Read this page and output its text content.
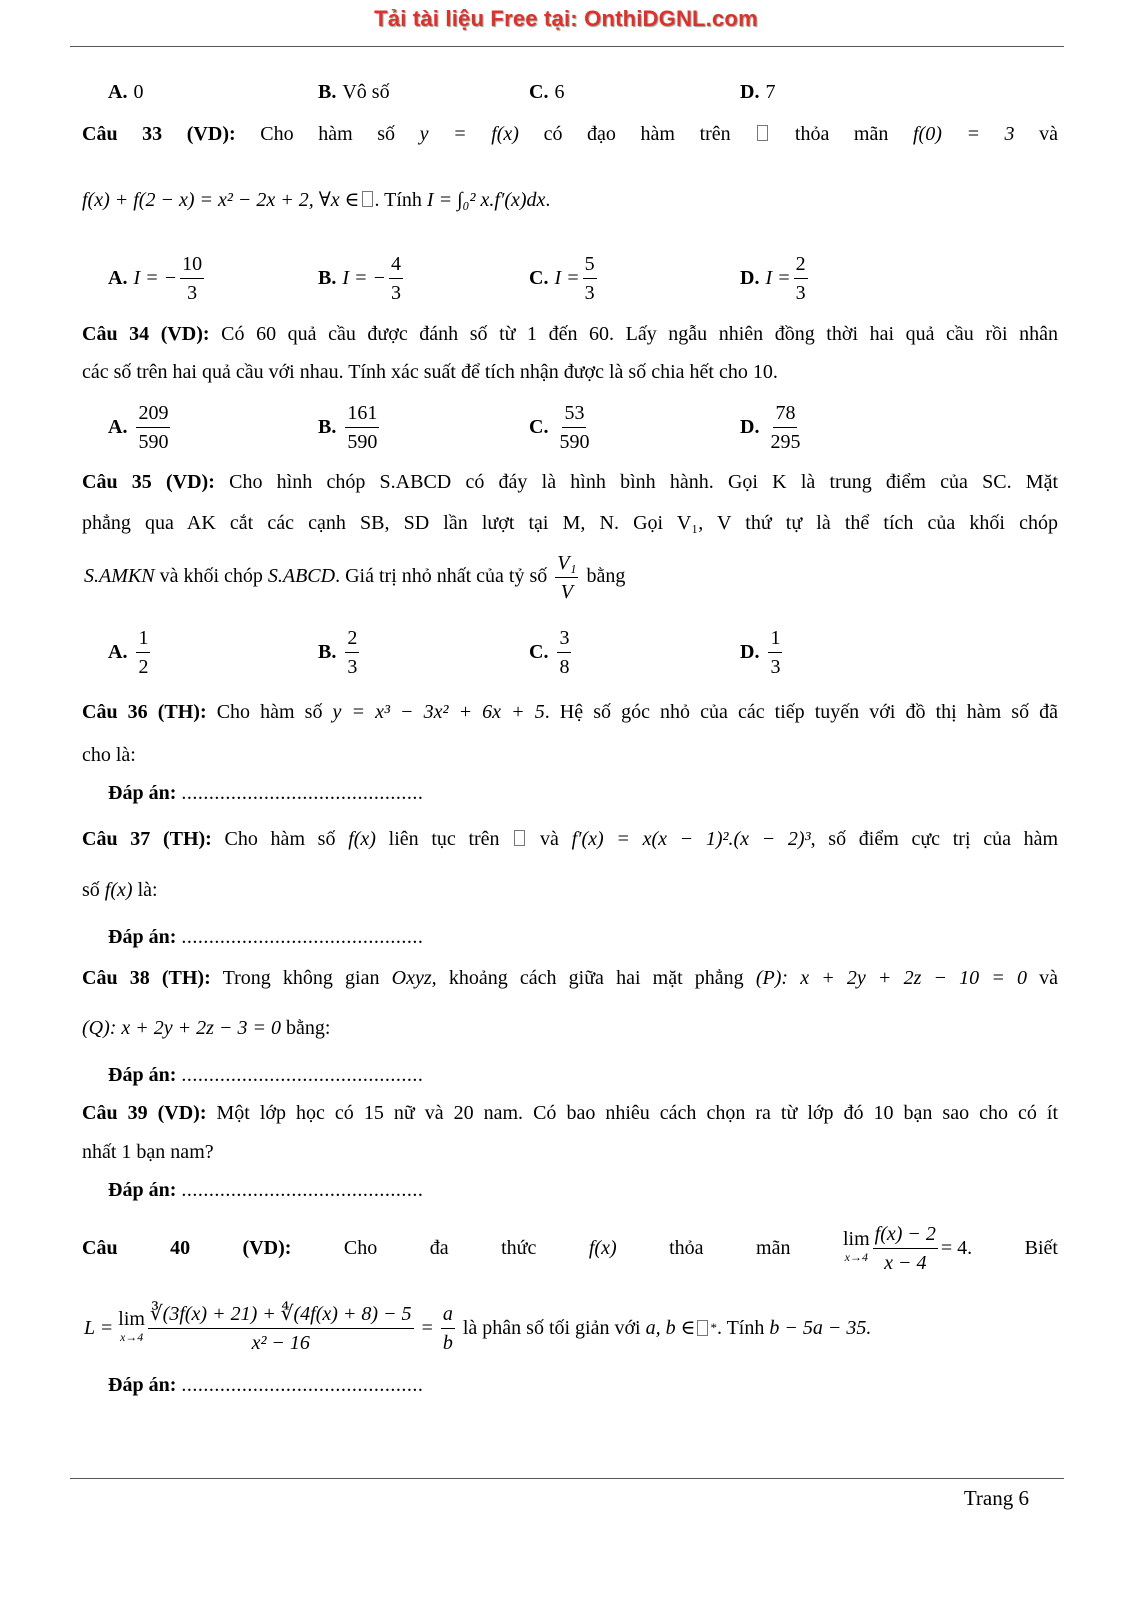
Tải tài liệu Free tại: OnthiDGNL.com
A. 0	B. Vô số	C. 6	D. 7
Câu 33 (VD): Cho hàm số y = f(x) có đạo hàm trên	thỏa mãn f(0) = 3 và
f(x) + f(2 − x) = x² − 2x + 2, ∀x ∈ . Tính I = ∫₀² x.f′(x)dx.
A. I = − $\frac{10}{3}$	B. I = − $\frac{4}{3}$	C. $I = \frac{5}{3}$	D. $I = \frac{2}{3}$
Câu 34 (VD): Có 60 quả cầu được đánh số từ 1 đến 60. Lấy ngẫu nhiên đồng thời hai quả cầu rồi nhân
các số trên hai quả cầu với nhau. Tính xác suất để tích nhận được là số chia hết cho 10.
A. $\frac{209}{590}$	B. $\frac{161}{590}$	C. $\frac{53}{590}$	D. $\frac{78}{295}$
Câu 35 (VD): Cho hình chóp S.ABCD có đáy là hình bình hành. Gọi K là trung điểm của SC. Mặt
phẳng qua AK cắt các cạnh SB, SD lần lượt tại M, N. Gọi V₁, V thứ tự là thể tích của khối chóp
S.AMKN và khối chóp S.ABCD. Giá trị nhỏ nhất của tỷ số $\frac{\text{V₁}}{V}$ bằng
A. $\frac{1}{2}$	B. $\frac{2}{3}$	C. $\frac{3}{8}$	D. $\frac{1}{3}$
Câu 36 (TH): Cho hàm số y = x³ − 3x² + 6x + 5. Hệ số góc nhỏ của các tiếp tuyến với đồ thị hàm số đã
cho là:
Đáp án: ............................................
Câu 37 (TH): Cho hàm số f(x) liên tục trên và f′(x) = x(x − 1)².(x − 2)³, số điểm cực trị của hàm
số f(x) là:
Đáp án: ............................................
Câu 38 (TH): Trong không gian Oxyz, khoảng cách giữa hai mặt phẳng (P): x + 2y + 2z − 10 = 0 và
(Q): x + 2y + 2z − 3 = 0 bằng:
Đáp án: ............................................
Câu 39 (VD): Một lớp học có 15 nữ và 20 nam. Có bao nhiêu cách chọn ra từ lớp đó 10 bạn sao cho có ít
nhất 1 bạn nam?
Đáp án: ............................................
Câu	40	(VD):	Cho	đa	thức	f(x)	thỏa	mãn	lim
$x\to 4 \frac{f(x) - 2}{x - 4} = 4$.	Biết
L =
lim
$x\to 4 \frac{∛(3f(x) + 21) + ∜(4f(x) + 8) - 5}{\text{x² − 16}} = \frac{a}{b}$
là phân số tối giản với
a, b ∈ * . Tính
b − 5a − 35.
Đáp án: ............................................
Trang 6
